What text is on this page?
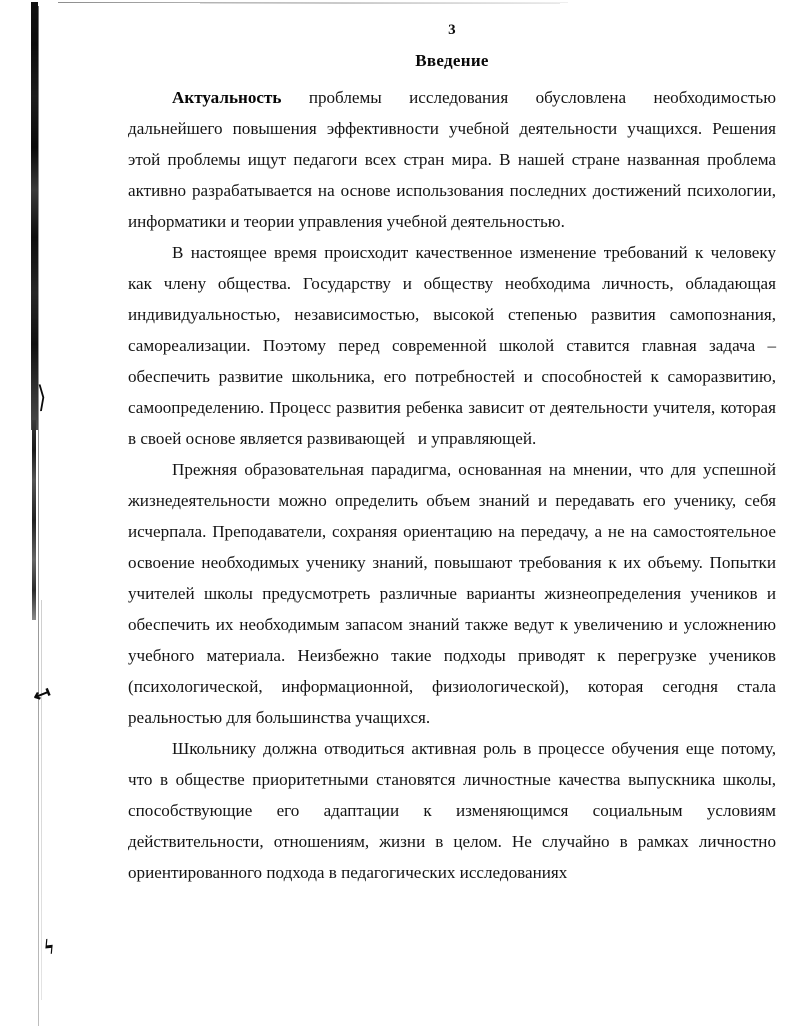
⟩
↤
ϟ
3
Введение

Актуальность проблемы исследования обусловлена необходимостью дальнейшего повышения эффективности учебной деятельности учащихся. Решения этой проблемы ищут педагоги всех стран мира. В нашей стране названная проблема активно разрабатывается на основе использования последних достижений психологии, информатики и теории управления учебной деятельностью.

В настоящее время происходит качественное изменение требований к человеку как члену общества. Государству и обществу необходима личность, обладающая индивидуальностью, независимостью, высокой степенью развития самопознания, самореализации. Поэтому перед современной школой ставится главная задача – обеспечить развитие школьника, его потребностей и способностей к саморазвитию, самоопределению. Процесс развития ребенка зависит от деятельности учителя, которая в своей основе является развивающей   и управляющей.

Прежняя образовательная парадигма, основанная на мнении, что для успешной жизнедеятельности можно определить объем знаний и передавать его ученику, себя исчерпала. Преподаватели, сохраняя ориентацию на передачу, а не на самостоятельное освоение необходимых ученику знаний, повышают требования к их объему. Попытки учителей школы предусмотреть различные варианты жизнеопределения учеников и обеспечить их необходимым запасом знаний также ведут к увеличению и усложнению учебного материала. Неизбежно такие подходы приводят к перегрузке учеников (психологической, информационной, физиологической), которая сегодня стала реальностью для большинства учащихся.

Школьнику должна отводиться активная роль в процессе обучения еще потому, что в обществе приоритетными становятся личностные качества выпускника школы, способствующие его адаптации к изменяющимся социальным условиям действительности, отношениям, жизни в целом. Не случайно в рамках личностно ориентированного подхода в педагогических исследованиях
